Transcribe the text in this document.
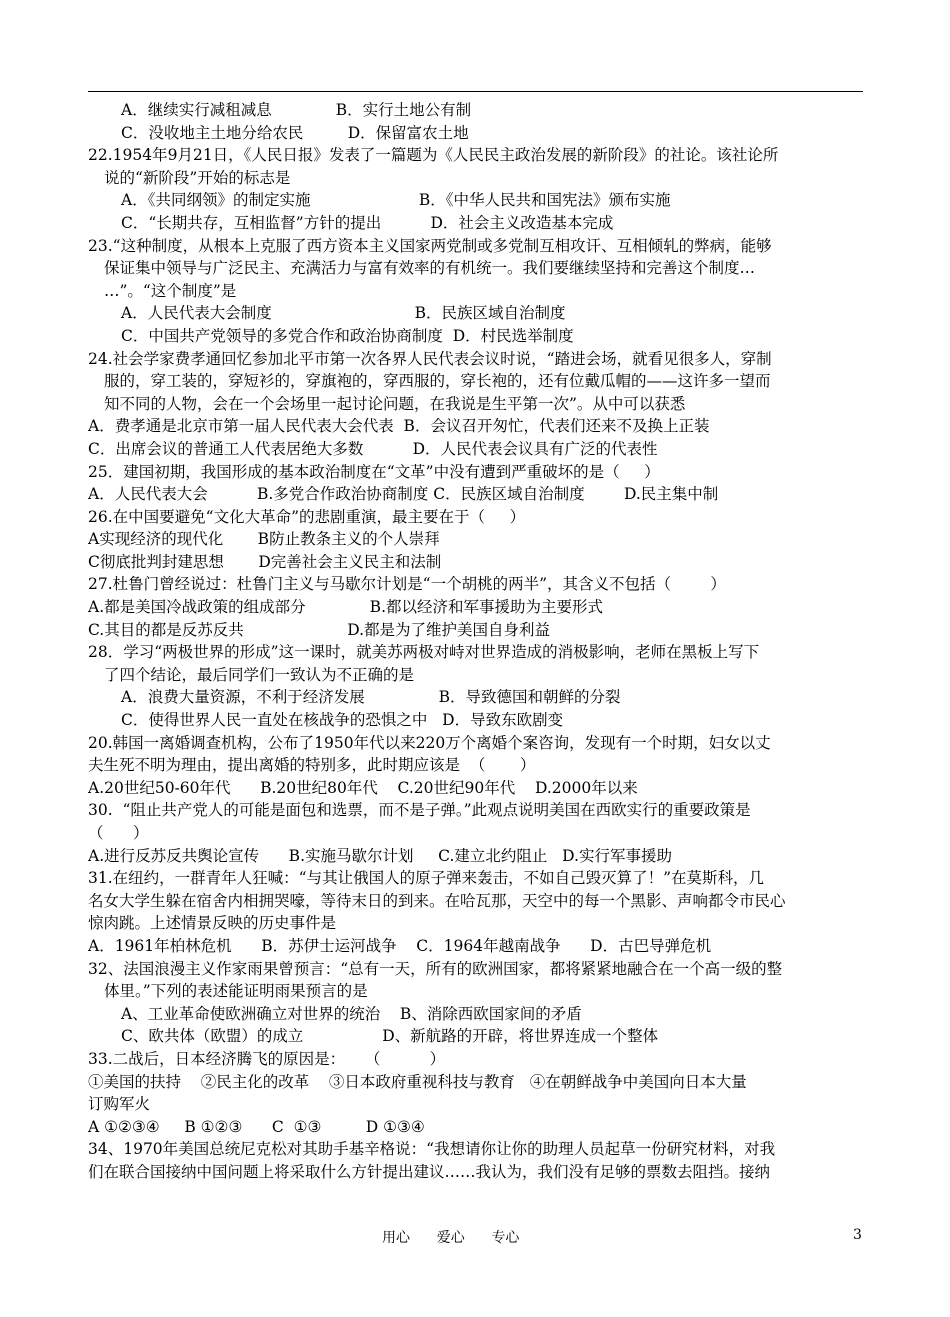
A．继续实行减租减息             B．实行土地公有制
C．没收地主土地分给农民         D．保留富农土地
22.1954年9月21日，《人民日报》发表了一篇题为《人民民主政治发展的新阶段》的社论。该社论所
说的“新阶段”开始的标志是
A．《共同纲领》的制定实施                      B．《中华人民共和国宪法》颁布实施
C．“长期共存，互相监督”方针的提出          D．社会主义改造基本完成
23.“这种制度，从根本上克服了西方资本主义国家两党制或多党制互相攻讦、互相倾轧的弊病，能够
保证集中领导与广泛民主、充满活力与富有效率的有机统一。我们要继续坚持和完善这个制度…
…”。“这个制度”是
A．人民代表大会制度                             B．民族区域自治制度
C．中国共产党领导的多党合作和政治协商制度  D．村民选举制度
24.社会学家费孝通回忆参加北平市第一次各界人民代表会议时说，“踏进会场，就看见很多人，穿制
服的，穿工装的，穿短衫的，穿旗袍的，穿西服的，穿长袍的，还有位戴瓜帽的——这许多一望而
知不同的人物，会在一个会场里一起讨论问题，在我说是生平第一次”。从中可以获悉
A．费孝通是北京市第一届人民代表大会代表  B．会议召开匆忙，代表们还来不及换上正装
C．出席会议的普通工人代表居绝大多数          D．人民代表会议具有广泛的代表性
25．建国初期，我国形成的基本政治制度在“文革”中没有遭到严重破坏的是（     ）
A．人民代表大会          B.多党合作政治协商制度 C．民族区域自治制度        D.民主集中制
26.在中国要避免“文化大革命”的悲剧重演，最主要在于（     ）
A实现经济的现代化       B防止教条主义的个人崇拜
C彻底批判封建思想       D完善社会主义民主和法制
27.杜鲁门曾经说过：杜鲁门主义与马歇尔计划是“一个胡桃的两半”，其含义不包括（        ）
A.都是美国冷战政策的组成部分             B.都以经济和军事援助为主要形式
C.其目的都是反苏反共                     D.都是为了维护美国自身利益
28．学习“两极世界的形成”这一课时，就美苏两极对峙对世界造成的消极影响，老师在黑板上写下
了四个结论，最后同学们一致认为不正确的是
A．浪费大量资源，不利于经济发展               B．导致德国和朝鲜的分裂
C．使得世界人民一直处在核战争的恐惧之中   D．导致东欧剧变
20.韩国一离婚调查机构，公布了1950年代以来220万个离婚个案咨询，发现有一个时期，妇女以丈
夫生死不明为理由，提出离婚的特别多，此时期应该是  （       ）
A.20世纪50-60年代      B.20世纪80年代    C.20世纪90年代    D.2000年以来
30.  “阻止共产党人的可能是面包和选票，而不是子弹。”此观点说明美国在西欧实行的重要政策是
（      ）
A.进行反苏反共舆论宣传      B.实施马歇尔计划     C.建立北约阻止   D.实行军事援助
31.在纽约，一群青年人狂喊：“与其让俄国人的原子弹来轰击，不如自己毁灭算了！”在莫斯科，几
名女大学生躲在宿舍内相拥哭嚎，等待末日的到来。在哈瓦那，天空中的每一个黑影、声响都令市民心
惊肉跳。上述情景反映的历史事件是
A．1961年柏林危机      B．苏伊士运河战争    C．1964年越南战争      D．古巴导弹危机
32、法国浪漫主义作家雨果曾预言：“总有一天，所有的欧洲国家，都将紧紧地融合在一个高一级的整
体里。”下列的表述能证明雨果预言的是
A、工业革命使欧洲确立对世界的统治    B、消除西欧国家间的矛盾
C、欧共体（欧盟）的成立                D、新航路的开辟，将世界连成一个整体
33.二战后，日本经济腾飞的原因是：    （          ）
①美国的扶持    ②民主化的改革    ③日本政府重视科技与教育   ④在朝鲜战争中美国向日本大量
订购军火
A ①②③④     B ①②③      C  ①③         D ①③④
34、1970年美国总统尼克松对其助手基辛格说：“我想请你让你的助理人员起草一份研究材料，对我
们在联合国接纳中国问题上将采取什么方针提出建议……我认为，我们没有足够的票数去阻挡。接纳
用心      爱心      专心	3
